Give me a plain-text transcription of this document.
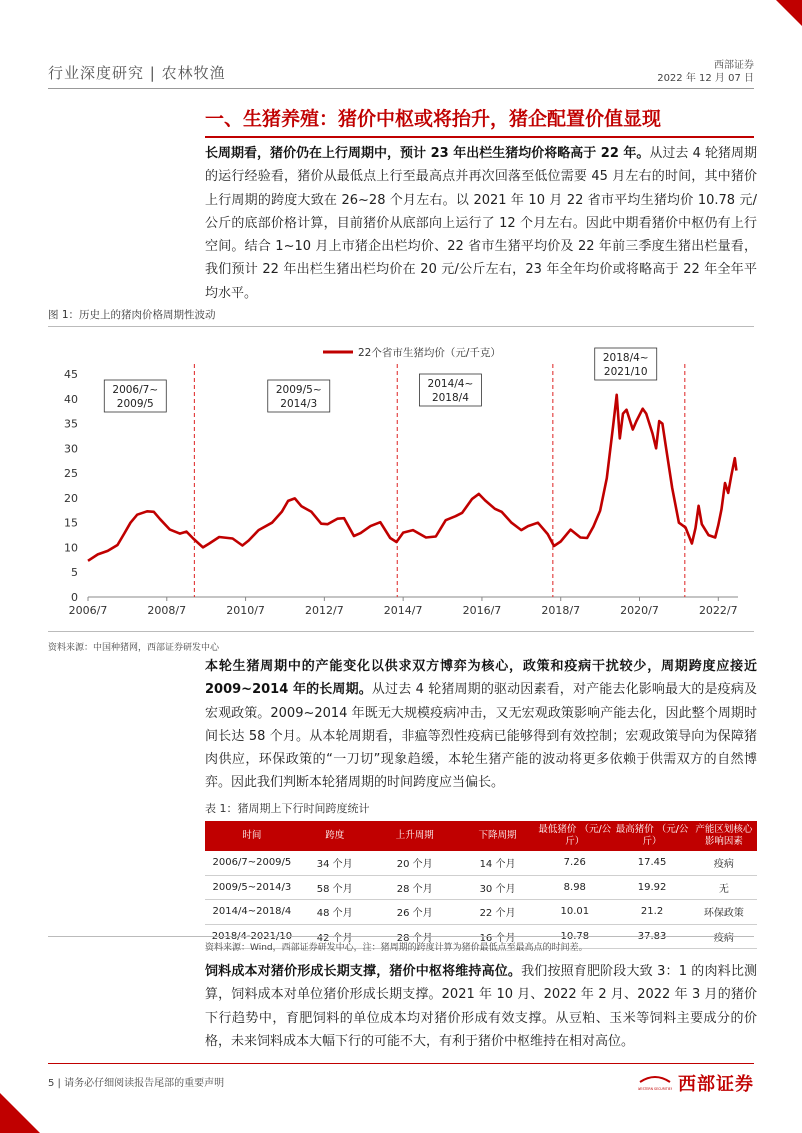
行业深度研究 | 农林牧渔	西部证券
2022 年 12 月 07 日
一、生猪养殖：猪价中枢或将抬升，猪企配置价值显现

长周期看，猪价仍在上行周期中，预计 23 年出栏生猪均价将略高于 22 年。从过去 4 轮猪周期的运行经验看，猪价从最低点上行至最高点并再次回落至低位需要 45 月左右的时间，其中猪价上行周期的跨度大致在 26~28 个月左右。以 2021 年 10 月 22 省市平均生猪均价 10.78 元/公斤的底部价格计算，目前猪价从底部向上运行了 12 个月左右。因此中期看猪价中枢仍有上行空间。结合 1~10 月上市猪企出栏均价、22 省市生猪平均价及 22 年前三季度生猪出栏量看，我们预计 22 年出栏生猪出栏均价在 20 元/公斤左右，23 年全年均价或将略高于 22 年全年平均水平。

图 1：历史上的猪肉价格周期性波动
0
5
10
15
20
25
30
35
40
45
2006/7	2008/7	2010/7	2012/7	2014/7	2016/7	2018/7	2020/7	2022/7
2006/7~
2009/5
2009/5~
2014/3
2014/4~
2018/4
2018/4~
2021/10
22个省市生猪均价（元/千克）
资料来源：中国种猪网，西部证券研发中心

本轮生猪周期中的产能变化以供求双方博弈为核心，政策和疫病干扰较少，周期跨度应接近 2009~2014 年的长周期。从过去 4 轮猪周期的驱动因素看，对产能去化影响最大的是疫病及宏观政策。2009~2014 年既无大规模疫病冲击，又无宏观政策影响产能去化，因此整个周期时间长达 58 个月。从本轮周期看，非瘟等烈性疫病已能够得到有效控制；宏观政策导向为保障猪肉供应，环保政策的“一刀切”现象趋缓，本轮生猪产能的波动将更多依赖于供需双方的自然博弈。因此我们判断本轮猪周期的时间跨度应当偏长。

表 1：猪周期上下行时间跨度统计
时间	跨度	上升周期	下降周期	最低猪价 （元/公斤）	最高猪价 （元/公斤）	产能区划核心 影响因素
2006/7~2009/5	34 个月	20 个月	14 个月	7.26	17.45	疫病
2009/5~2014/3	58 个月	28 个月	30 个月	8.98	19.92	无
2014/4~2018/4	48 个月	26 个月	22 个月	10.01	21.2	环保政策
2018/4-2021/10	42 个月	28 个月	16 个月	10.78	37.83	疫病
资料来源：Wind，西部证券研发中心，注：猪周期的跨度计算为猪价最低点至最高点的时间差。

饲料成本对猪价形成长期支撑，猪价中枢将维持高位。我们按照育肥阶段大致 3：1 的肉料比测算，饲料成本对单位猪价形成长期支撑。2021 年 10 月、2022 年 2 月、2022 年 3 月的猪价下行趋势中，育肥饲料的单位成本均对猪价形成有效支撑。从豆粕、玉米等饲料主要成分的价格，未来饲料成本大幅下行的可能不大，有利于猪价中枢维持在相对高位。

5 | 请务必仔细阅读报告尾部的重要声明	WESTERN SECURITIES 西部证券
